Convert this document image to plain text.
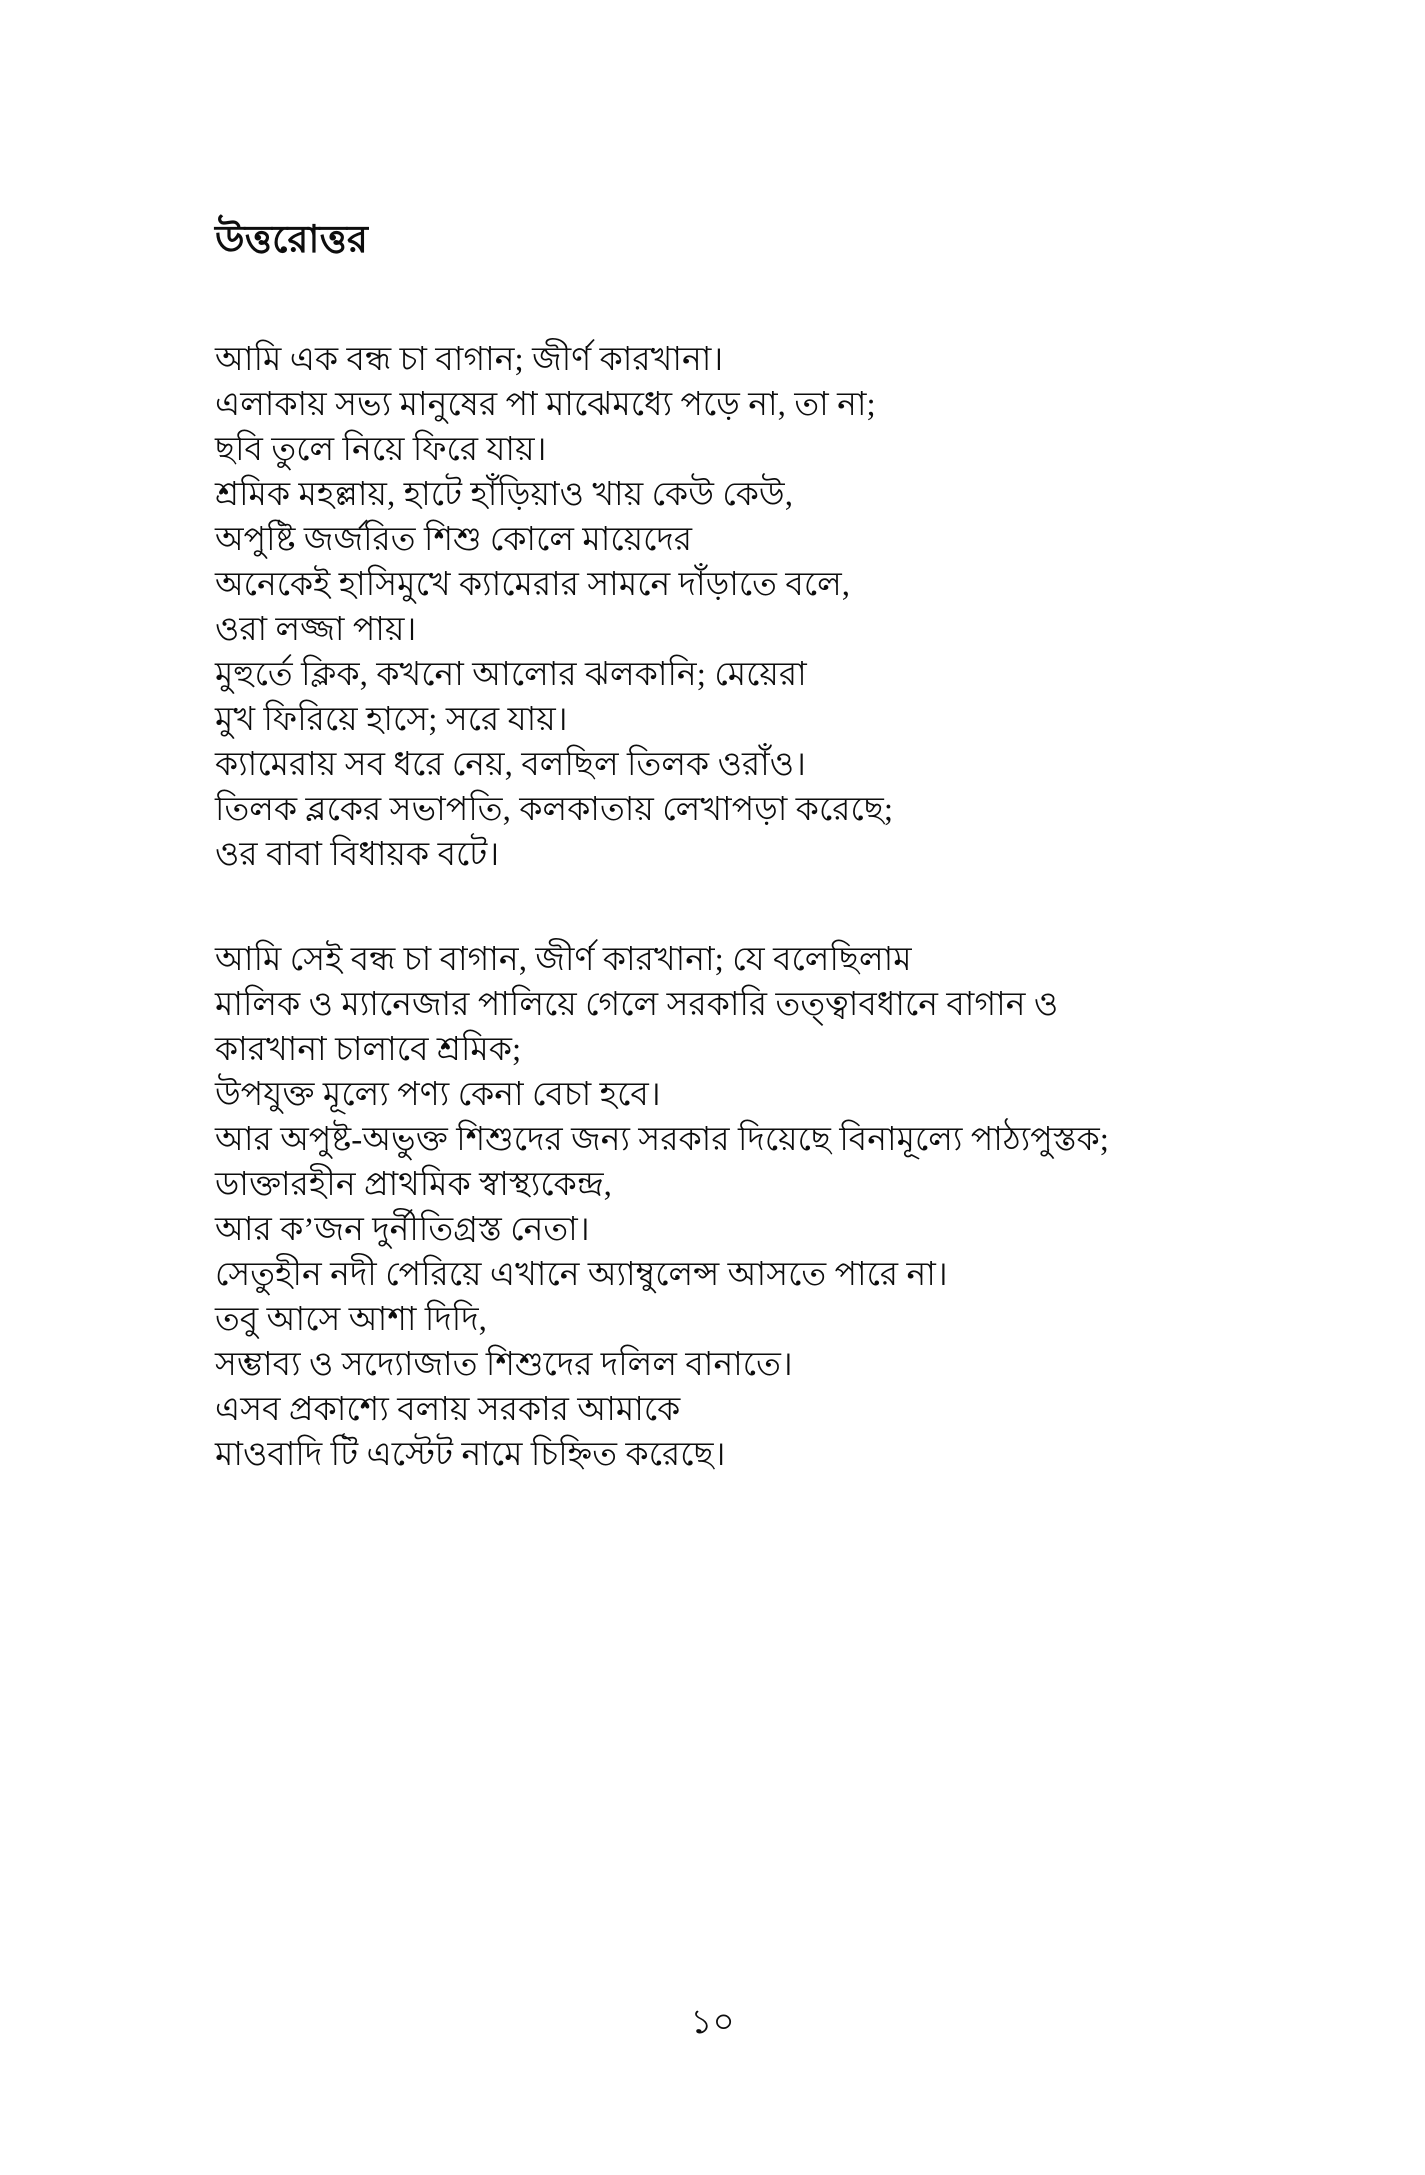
উত্তরোত্তর
আমি এক বন্ধ চা বাগান; জীর্ণ কারখানা।
এলাকায় সভ্য মানুষের পা মাঝেমধ্যে পড়ে না, তা না;
ছবি তুলে নিয়ে ফিরে যায়।
শ্রমিক মহল্লায়, হাটে হাঁড়িয়াও খায় কেউ কেউ,
অপুষ্টি জর্জরিত শিশু কোলে মায়েদের
অনেকেই হাসিমুখে ক্যামেরার সামনে দাঁড়াতে বলে,
ওরা লজ্জা পায়।
মুহুর্তে ক্লিক, কখনো আলোর ঝলকানি; মেয়েরা
মুখ ফিরিয়ে হাসে; সরে যায়।
ক্যামেরায় সব ধরে নেয়, বলছিল তিলক ওরাঁও।
তিলক ব্লকের সভাপতি, কলকাতায় লেখাপড়া করেছে;
ওর বাবা বিধায়ক বটে।
আমি সেই বন্ধ চা বাগান, জীর্ণ কারখানা; যে বলেছিলাম
মালিক ও ম্যানেজার পালিয়ে গেলে সরকারি তত্ত্বাবধানে বাগান ও
কারখানা চালাবে শ্রমিক;
উপযুক্ত মূল্যে পণ্য কেনা বেচা হবে।
আর অপুষ্ট-অভুক্ত শিশুদের জন্য সরকার দিয়েছে বিনামূল্যে পাঠ্যপুস্তক;
ডাক্তারহীন প্রাথমিক স্বাস্থ্যকেন্দ্র,
আর ক’জন দুর্নীতিগ্রস্ত নেতা।
সেতুহীন নদী পেরিয়ে এখানে অ্যাম্বুলেন্স আসতে পারে না।
তবু আসে আশা দিদি,
সম্ভাব্য ও সদ্যোজাত শিশুদের দলিল বানাতে।
এসব প্রকাশ্যে বলায় সরকার আমাকে
মাওবাদি টি এস্টেট নামে চিহ্নিত করেছে।
১০
